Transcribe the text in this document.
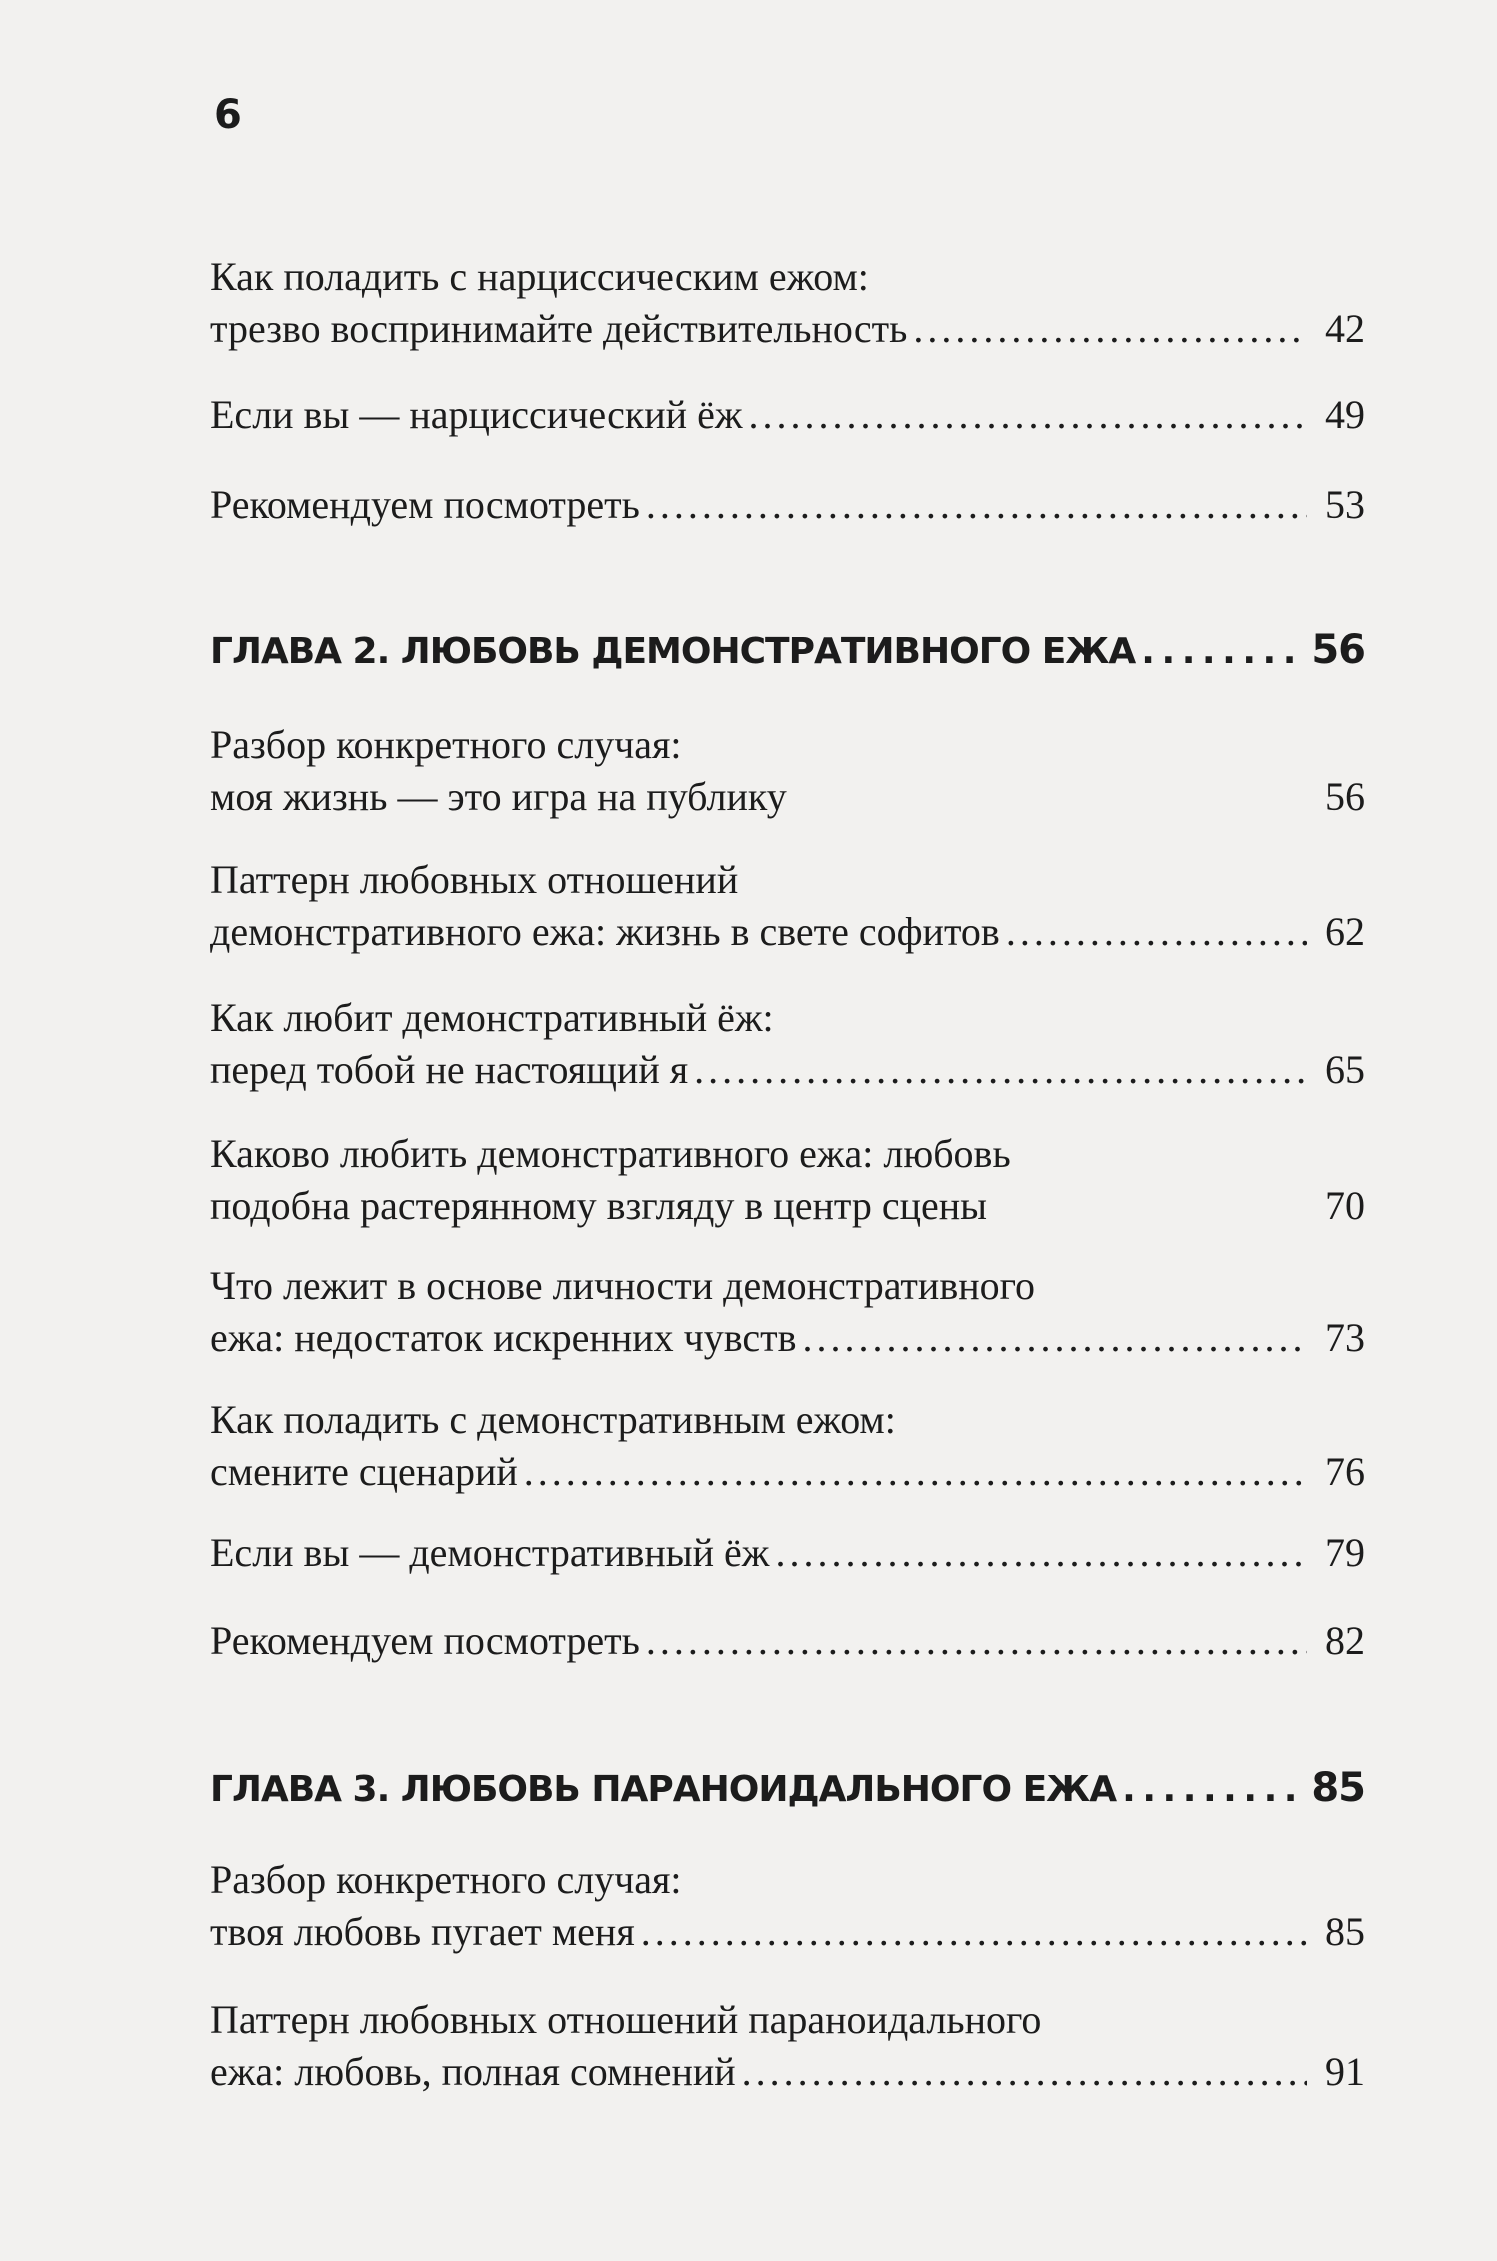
6
Как поладить с нарциссическим ежом:
трезво воспринимайте действительность . . .	42
Если вы — нарциссический ёж . . .	49
Рекомендуем посмотреть . . .	53
ГЛАВА 2. ЛЮБОВЬ ДЕМОНСТРАТИВНОГО ЕЖА . . .	56
Разбор конкретного случая:
моя жизнь — это игра на публику	56
Паттерн любовных отношений
демонстративного ежа: жизнь в свете софитов . . .	62
Как любит демонстративный ёж:
перед тобой не настоящий я . . .	65
Каково любить демонстративного ежа: любовь
подобна растерянному взгляду в центр сцены	70
Что лежит в основе личности демонстративного
ежа: недостаток искренних чувств . . .	73
Как поладить с демонстративным ежом:
смените сценарий . . .	76
Если вы — демонстративный ёж . . .	79
Рекомендуем посмотреть . . .	82
ГЛАВА 3. ЛЮБОВЬ ПАРАНОИДАЛЬНОГО ЕЖА . . .	85
Разбор конкретного случая:
твоя любовь пугает меня . . .	85
Паттерн любовных отношений параноидального
ежа: любовь, полная сомнений . . .	91
